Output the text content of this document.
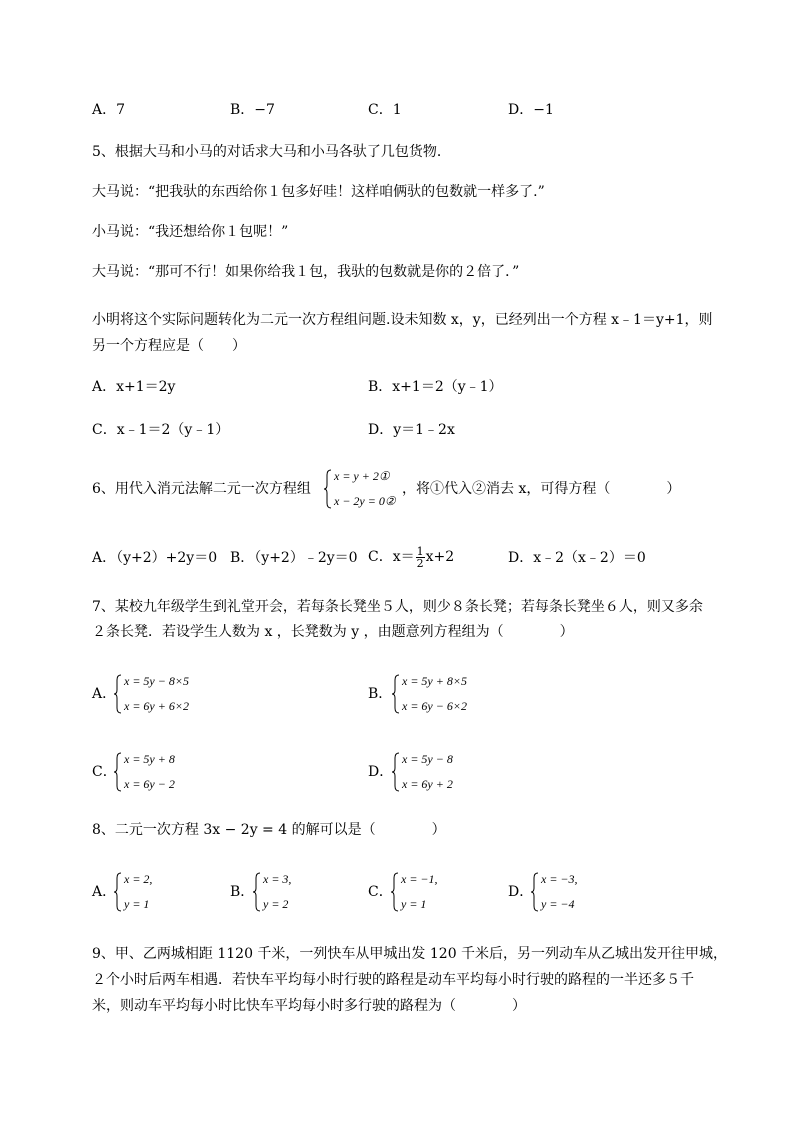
A．7	B．−7	C．1	D．−1
5、根据大马和小马的对话求大马和小马各驮了几包货物．
大马说：“把我驮的东西给你１包多好哇！这样咱俩驮的包数就一样多了.”
小马说：“我还想给你１包呢！”
大马说：“那可不行！如果你给我１包，我驮的包数就是你的２倍了．”
小明将这个实际问题转化为二元一次方程组问题.设未知数 x，y，已经列出一个方程 x﹣1＝y+1，则
另一个方程应是（　　）
A．x+1＝2y	B．x+1＝2（y﹣1）
C．x﹣1＝2（y﹣1）	D．y＝1﹣2x
6、用代入消元法解二元一次方程组
x = y + 2①
x − 2y = 0②
，将①代入②消去 x，可得方程（　　　　）
A．（y+2）+2y＝0 B．（y+2）﹣2y＝0 C．$x= \frac{1}{2} x+2$	D．x﹣2（x﹣2）＝0
7、某校九年级学生到礼堂开会，若每条长凳坐５人，则少８条长凳；若每条长凳坐６人，则又多余
２条长凳．若设学生人数为 x ，长凳数为 y ，由题意列方程组为（　　　　）
A．
x = 5y − 8×5
x = 6y + 6×2
B．
x = 5y + 8×5
x = 6y − 6×2
C．
x = 5y + 8
x = 6y − 2
D．
x = 5y − 8
x = 6y + 2
8、二元一次方程 3x − 2y = 4 的解可以是（　　　　）
A．
x = 2,
y = 1
B．
x = 3,
y = 2
C．
x = −1,
y = 1
D．
x = −3,
y = −4
9、甲、乙两城相距 1120 千米，一列快车从甲城出发 120 千米后，另一列动车从乙城出发开往甲城，
２个小时后两车相遇．若快车平均每小时行驶的路程是动车平均每小时行驶的路程的一半还多５千
米，则动车平均每小时比快车平均每小时多行驶的路程为（　　　　）
